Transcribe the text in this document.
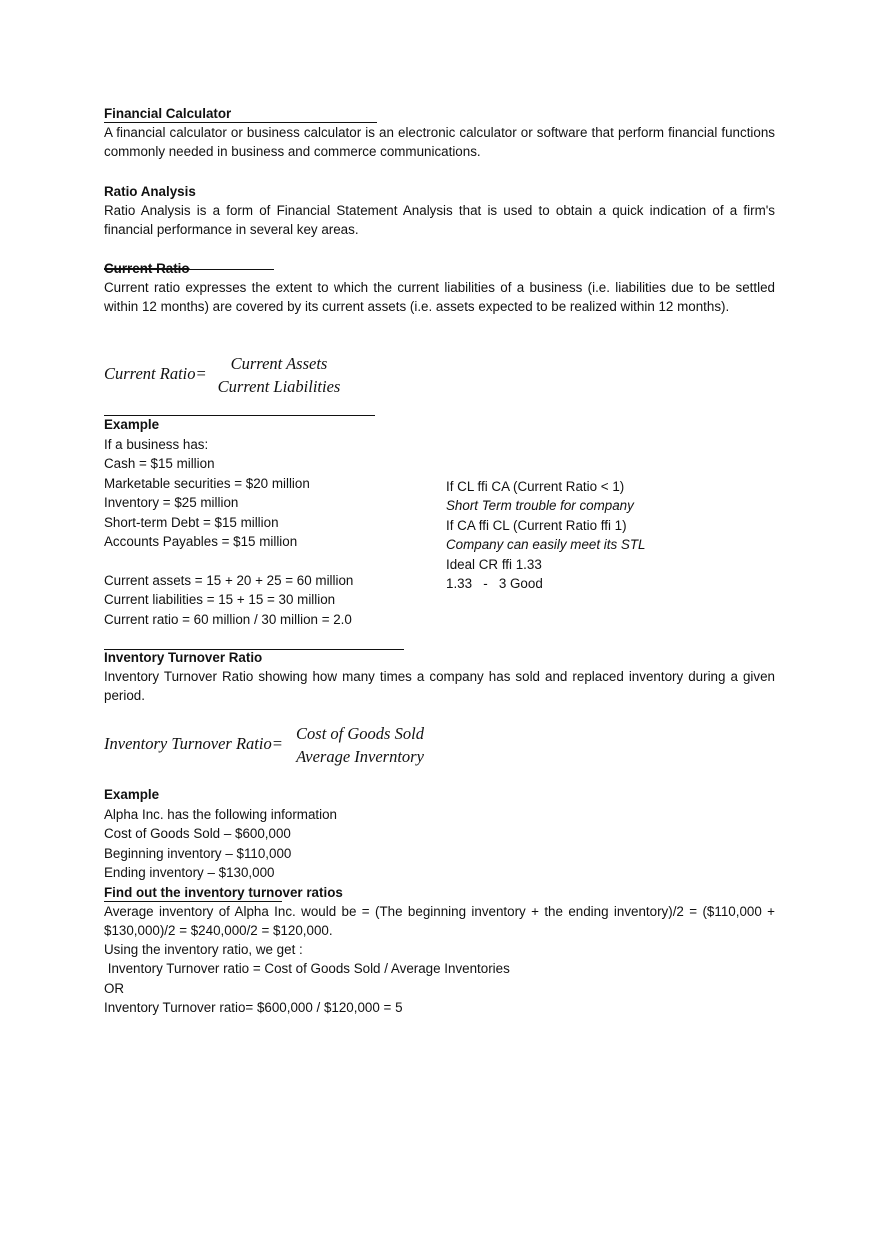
Financial Calculator
A financial calculator or business calculator is an electronic calculator or software that perform financial functions commonly needed in business and commerce communications.
Ratio Analysis
Ratio Analysis is a form of Financial Statement Analysis that is used to obtain a quick indication of a firm's financial performance in several key areas.
Current Ratio
Current ratio expresses the extent to which the current liabilities of a business (i.e. liabilities due to be settled within 12 months) are covered by its current assets (i.e. assets expected to be realized within 12 months).
Current Ratio=
Current Assets
Current Liabilities
Example
If a business has:
Cash = $15 million
Marketable securities = $20 million
Inventory = $25 million
Short-term Debt = $15 million
Accounts Payables = $15 million
Current assets = 15 + 20 + 25 = 60 million
Current liabilities = 15 + 15 = 30 million
Current ratio = 60 million / 30 million = 2.0
If CL ffi CA (Current Ratio < 1)
Short Term trouble for company
If CA ffi CL (Current Ratio ffi 1)
Company can easily meet its STL
Ideal CR ffi 1.33
1.33   -   3 Good
Inventory Turnover Ratio
Inventory Turnover Ratio showing how many times a company has sold and replaced inventory during a given period.
Inventory Turnover Ratio=
Cost of Goods Sold
Average Inverntory
Example
Alpha Inc. has the following information
Cost of Goods Sold – $600,000
Beginning inventory – $110,000
Ending inventory – $130,000
Find out the inventory turnover ratios
Average inventory of Alpha Inc. would be = (The beginning inventory + the ending inventory)/2 = ($110,000 + $130,000)/2 = $240,000/2 = $120,000.
Using the inventory ratio, we get :
Inventory Turnover ratio = Cost of Goods Sold / Average Inventories
OR
Inventory Turnover ratio= $600,000 / $120,000 = 5
